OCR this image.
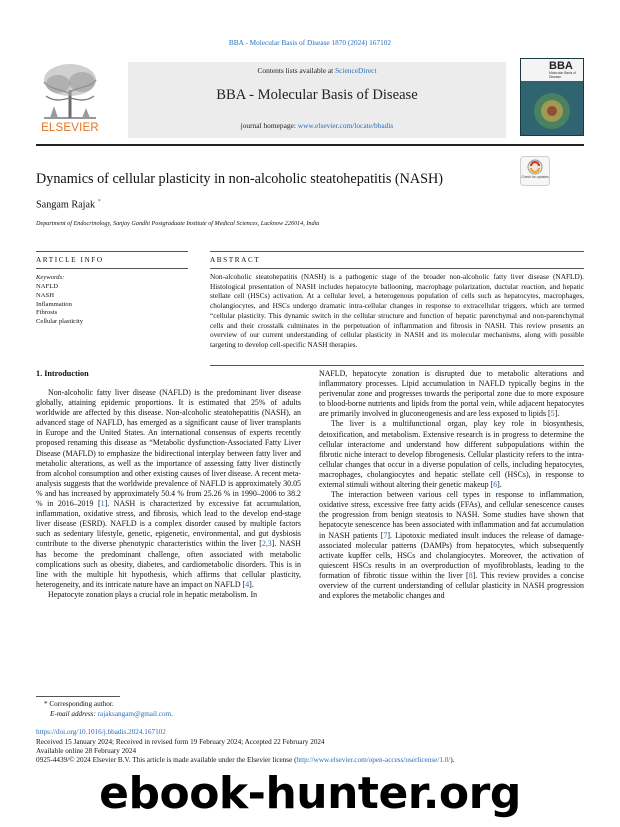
BBA - Molecular Basis of Disease 1870 (2024) 167102
ELSEVIER
Contents lists available at ScienceDirect
BBA - Molecular Basis of Disease
journal homepage: www.elsevier.com/locate/bbadis
BBA
Molecular Basis of Disease
Dynamics of cellular plasticity in non-alcoholic steatohepatitis (NASH)	Check for updates
Sangam Rajak *
Department of Endocrinology, Sanjay Gandhi Postgraduate Institute of Medical Sciences, Lucknow 226014, India
ARTICLE INFO	ABSTRACT
Keywords:
NAFLD
NASH
Inflammation
Fibrosis
Cellular plasticity
Non-alcoholic steatohepatitis (NASH) is a pathogenic stage of the broader non-alcoholic fatty liver disease (NAFLD). Histological presentation of NASH includes hepatocyte ballooning, macrophage polarization, ductular reaction, and hepatic stellate cell (HSCs) activation. At a cellular level, a heterogenous population of cells such as hepatocytes, macrophages, cholangiocytes, and HSCs undergo dramatic intra-cellular changes in response to extracellular triggers, which are termed “cellular plasticity. This dynamic switch in the cellular structure and function of hepatic parenchymal and non-parenchymal cells and their crosstalk culminates in the perpetuation of inflammation and fibrosis in NASH. This review presents an overview of our current understanding of cellular plasticity in NASH and its molecular mechanisms, along with possible targeting to develop cell-specific NASH therapies.
1. Introduction

Non-alcoholic fatty liver disease (NAFLD) is the predominant liver disease globally, attaining epidemic proportions. It is estimated that 25% of adults worldwide are affected by this disease. Non-alcoholic steatohepatitis (NASH), an advanced stage of NAFLD, has emerged as a significant cause of liver transplants in Europe and the United States. An international consensus of experts recently proposed renaming this disease as “Metabolic dysfunction-Associated Fatty Liver Disease (MAFLD) to emphasize the bidirectional interplay between fatty liver and metabolic alterations, as well as the importance of assessing fatty liver distinctly from alcohol consumption and other existing causes of liver disease. A recent meta-analysis suggests that the worldwide prevalence of NAFLD is approximately 30.05 % and has increased by approximately 50.4 % from 25.26 % in 1990–2006 to 38.2 % in 2016–2019 [1]. NASH is characterized by excessive fat accumulation, inflammation, oxidative stress, and fibrosis, which lead to the develop end-stage liver disease (ESRD). NAFLD is a complex disorder caused by multiple factors such as sedentary lifestyle, genetic, epigenetic, environmental, and gut dysbiosis contribute to the diverse phenotypic characteristics within the liver [2,3]. NASH has become the predominant challenge, often associated with metabolic complications such as obesity, diabetes, and cardiometabolic disorders. This is in line with the multiple hit hypothesis, which affirms that cellular plasticity, heterogeneity, and its intricate nature have an impact on NAFLD [4].

Hepatocyte zonation plays a crucial role in hepatic metabolism. In

NAFLD, hepatocyte zonation is disrupted due to metabolic alterations and inflammatory processes. Lipid accumulation in NAFLD typically begins in the perivenular zone and progresses towards the periportal zone due to more exposure to blood-borne nutrients and lipids from the portal vein, while adjacent hepatocytes are primarily involved in gluconeogenesis and are less exposed to lipids [5].

The liver is a multifunctional organ, play key role in biosynthesis, detoxification, and metabolism. Extensive research is in progress to determine the cellular interactome and understand how different subpopulations within the fibrotic niche interact to develop fibrogenesis. Cellular plasticity refers to the intra-cellular changes that occur in a diverse population of cells, including hepatocytes, macrophages, cholangiocytes and hepatic stellate cell (HSCs), in response to external stimuli without altering their genetic makeup [6].

The interaction between various cell types in response to inflammation, oxidative stress, excessive free fatty acids (FFAs), and cellular senescence causes the progression from benign steatosis to NASH. Some studies have shown that hepatocyte senescence has been associated with inflammation and fat accumulation in NASH patients [7]. Lipotoxic mediated insult induces the release of damage-associated molecular patterns (DAMPs) from hepatocytes, which subsequently activate kupffer cells, HSCs and cholangiocytes. Moreover, the activation of quiescent HSCs results in an overproduction of myofibroblasts, leading to the formation of fibrotic tissue within the liver [8]. This review provides a concise overview of the current understanding of cellular plasticity in NASH progression and explores the metabolic changes and

* Corresponding author.
E-mail address: rajaksangam@gmail.com.
https://doi.org/10.1016/j.bbadis.2024.167102
Received 15 January 2024; Received in revised form 19 February 2024; Accepted 22 February 2024
Available online 28 February 2024
0925-4439/© 2024 Elsevier B.V. This article is made available under the Elsevier license (http://www.elsevier.com/open-access/userlicense/1.0/).
ebook-hunter.org
